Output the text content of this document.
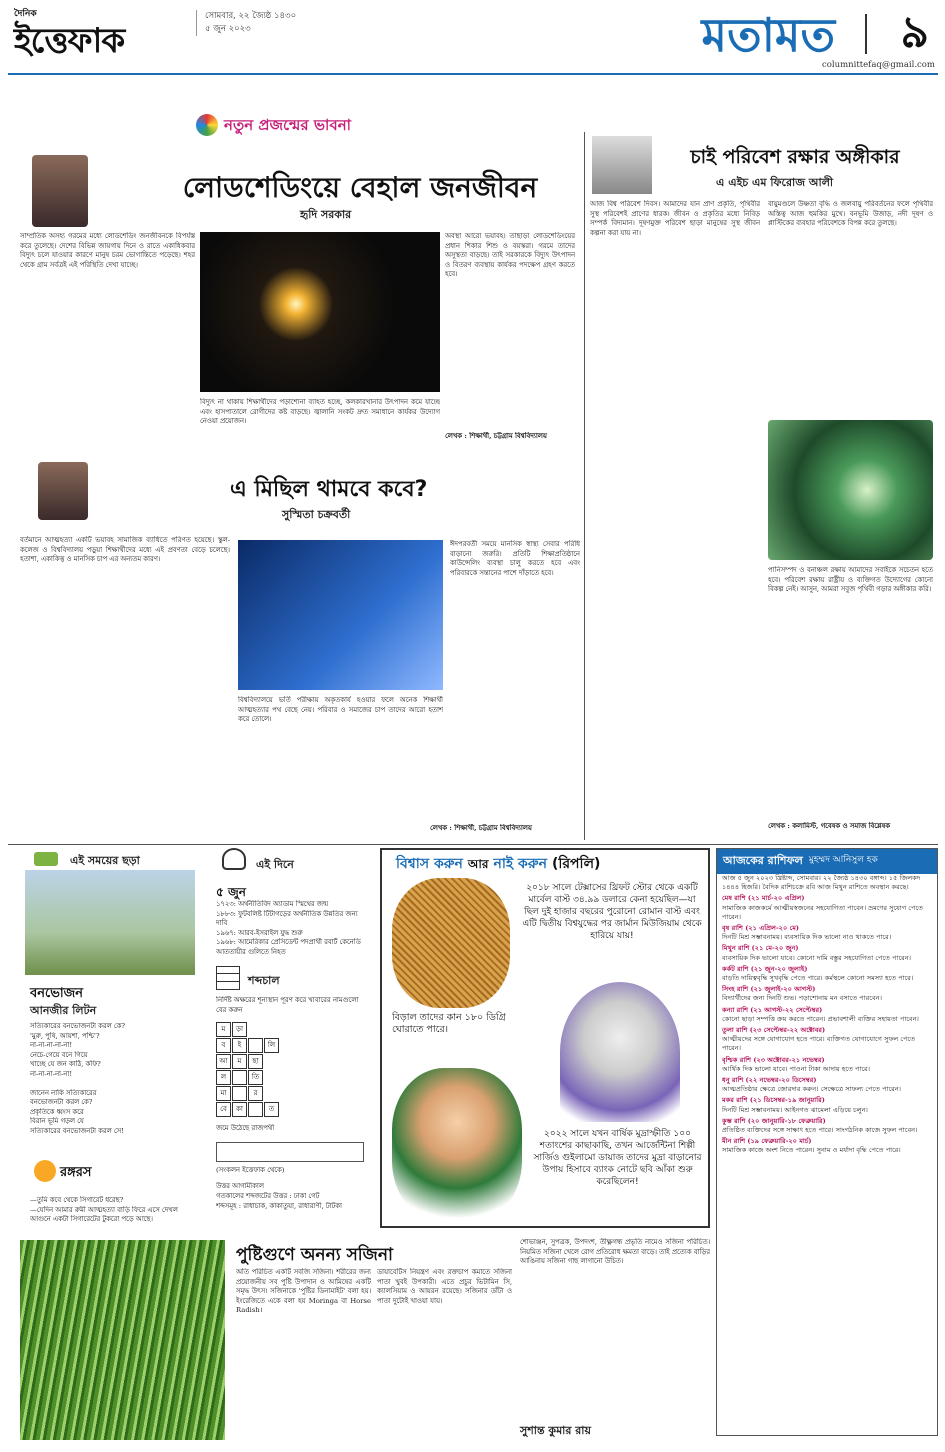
দৈনিক
ইত্তেফাক
সোমবার, ২২ জ্যৈষ্ঠ ১৪৩০
৫ জুন ২০২৩	মতামত ৯
columnittefaq@gmail.com
নতুন প্রজন্মের ভাবনা
লোডশেডিংয়ে বেহাল জনজীবন
হৃদি সরকার
সাম্প্রতিক অসহ্য গরমের মধ্যে লোডশেডিং জনজীবনকে বিপর্যস্ত করে তুলেছে। দেশের বিভিন্ন জায়গায় দিনে ও রাতে একাধিকবার বিদ্যুৎ চলে যাওয়ার কারণে মানুষ চরম ভোগান্তিতে পড়েছে। শহর থেকে গ্রাম সর্বত্রই এই পরিস্থিতি দেখা যাচ্ছে।
বিদ্যুৎ না থাকায় শিক্ষার্থীদের পড়াশোনা ব্যাহত হচ্ছে, কলকারখানার উৎপাদন কমে যাচ্ছে এবং হাসপাতালে রোগীদের কষ্ট বাড়ছে। জ্বালানি সংকট দ্রুত সমাধানে কার্যকর উদ্যোগ নেওয়া প্রয়োজন।
অবস্থা আরো ভয়াবহ। তাছাড়া লোডশেডিংয়ের প্রধান শিকার শিশু ও বয়স্করা। গরমে তাদের অসুস্থতা বাড়ছে। তাই সরকারকে বিদ্যুৎ উৎপাদন ও বিতরণ ব্যবস্থায় কার্যকর পদক্ষেপ গ্রহণ করতে হবে।
লেখক : শিক্ষার্থী, চট্টগ্রাম বিশ্ববিদ্যালয়
চাই পরিবেশ রক্ষার অঙ্গীকার
এ এইচ এম ফিরোজ আলী
আজ বিশ্ব পরিবেশ দিবস। আমাদের যান প্রাণ প্রকৃতি, পৃথিবীর সুস্থ পরিবেশই প্রাণের ধারক। জীবন ও প্রকৃতির মধ্যে নিবিড় সম্পর্ক বিদ্যমান। দূষণমুক্ত পরিবেশ ছাড়া মানুষের সুস্থ জীবন কল্পনা করা যায় না।
বায়ুমণ্ডলে উষ্ণতা বৃদ্ধি ও জলবায়ু পরিবর্তনের ফলে পৃথিবীর অস্তিত্ব আজ হুমকির মুখে। বনভূমি উজাড়, নদী দূষণ ও প্লাস্টিকের ব্যবহার পরিবেশকে বিপন্ন করে তুলছে।
পানিসম্পদ ও বনাঞ্চল রক্ষায় আমাদের সবাইকে সচেতন হতে হবে। পরিবেশ রক্ষায় রাষ্ট্রীয় ও ব্যক্তিগত উদ্যোগের কোনো বিকল্প নেই। আসুন, আমরা সবুজ পৃথিবী গড়ার অঙ্গীকার করি।
লেখক : কলামিস্ট, গবেষক ও সমাজ বিশ্লেষক
এ মিছিল থামবে কবে?
সুস্মিতা চক্রবর্তী
বর্তমানে আত্মহত্যা একটি ভয়াবহ সামাজিক ব্যাধিতে পরিণত হয়েছে। স্কুল-কলেজ ও বিশ্ববিদ্যালয় পড়ুয়া শিক্ষার্থীদের মধ্যে এই প্রবণতা বেড়ে চলেছে। হতাশা, একাকিত্ব ও মানসিক চাপ এর অন্যতম কারণ।
বিশ্ববিদ্যালয়ে ভর্তি পরীক্ষায় অকৃতকার্য হওয়ার ফলে অনেক শিক্ষার্থী আত্মহত্যার পথ বেছে নেয়। পরিবার ও সমাজের চাপ তাদের আরো হতাশ করে তোলে।
ঈদপরবর্তী সময়ে মানসিক স্বাস্থ্য সেবার পরিধি বাড়ানো জরুরি। প্রতিটি শিক্ষাপ্রতিষ্ঠানে কাউন্সেলিং ব্যবস্থা চালু করতে হবে এবং পরিবারকে সন্তানের পাশে দাঁড়াতে হবে।
লেখক : শিক্ষার্থী, চট্টগ্রাম বিশ্ববিদ্যালয়
এই সময়ের ছড়া
বনভোজন
আনজীর লিটন
সত্যিকারের বনভোজনটা করল কে?
'মুরু, পুষি, আয়শা, পশ্চি'?
না-না-না-না-না!
নেচে-গেয়ে বনে গিয়ে
খাচ্ছে যে জন কাঠি, কফি?
না-না-না-না-না!
জানেন নাকি সত্যিকারের
বনভোজনটা করল কে?
প্রকৃতিকে ধ্বংস করে
বিরান ভূমি গড়ল যে
সত্যিকারের বনভোজনটা করল সে!
রঙ্গরস
—তুমি কবে থেকে সিগারেট ধরেছ?
—যেদিন আমার রুমী আত্মহত্যা বাড়ি ফিরে এসে দেখল
আগুনে একটা সিগারেটের টুকরো পড়ে আছে।
এই দিনে
৫ জুন
১৭২৩: অর্থনীতিবিদ অ্যাডাম স্মিথের জন্ম
১৮৮৩: ফুটবলিষ্ট টিটাগড়ের অর্থনীতিক উন্নতির জন্য দাবি
১৯৬৭: আরব-ইসরাইল যুদ্ধ শুরু
১৯৬৮: আমেরিকার প্রেসিডেন্ট পদপ্রার্থী রবার্ট কেনেডি আততায়ীর গুলিতে নিহত
শব্দচাল
নির্দিষ্ট অক্ষরের শূন্যস্থান পূরণ করে খাবারের নামগুলো বের করুন
ম	ড়া
ব	ই	লি
আ	ম	ছা
ল	তি
মা	র
বে	কা	ত
জমে উঠেছে রাজপথী
(সংকলন ইত্তেফাক থেকে)
উত্তর আগামীকাল
গতকালের শব্দজটের উত্তর : ঢাকা গেট
শব্দসমূহ : রাধাচাক, কাকাতুয়া, রাধারাণী, টাটকা
বিশ্বাস করুন আর নাই করুন (রিপলি)
২০১৮ সালে টেক্সাসের থ্রিফট স্টোর থেকে একটি মার্বেল বাস্ট ৩৪.৯৯ ডলারে কেনা হয়েছিল—যা ছিল দুই হাজার বছরের পুরোনো রোমান বাস্ট এবং এটি দ্বিতীয় বিশ্বযুদ্ধের পর জার্মান মিউজিয়াম থেকে হারিয়ে যায়!
বিড়াল তাদের কান ১৮০ ডিগ্রি ঘোরাতে পারে।
২০২২ সালে যখন বার্ষিক মুদ্রাস্ফীতি ১০০ শতাংশের কাছাকাছি, তখন আর্জেন্টিনা শিল্পী সার্জিও গুইলামো ডায়াজ তাদের মুদ্রা বাড়ানোর উপায় হিসাবে ব্যাংক নোটে ছবি আঁকা শুরু করেছিলেন!
আজকের রাশিফল মুহম্মদ আনিসুল হক
আজ ৫ জুন ২০২৩ খ্রিষ্টাব্দ, সোমবার। ২২ জ্যৈষ্ঠ ১৪৩০ বঙ্গাব্দ। ১৫ জিলকদ ১৪৪৪ হিজরি। বৈদিক রাশিচক্রে রবি আজ মিথুন রাশিতে অবস্থান করছে।
মেষ রাশি (২১ মার্চ-২০ এপ্রিল)
সামাজিক কাজকর্মে আত্মীয়স্বজনের সহযোগিতা পাবেন। ভ্রমণের সুযোগ পেতে পারেন।
বৃষ রাশি (২১ এপ্রিল-২০ মে)
দিনটি মিশ্র সম্ভাবনাময়। ব্যবসায়িক দিক ভালো নাও থাকতে পারে।
মিথুন রাশি (২১ মে-২০ জুন)
ব্যবসায়িক দিক ভালো যাবে। কোনো দামি বস্তুর সহযোগিতা পেতে পারেন।
কর্কট রাশি (২১ জুন-২০ জুলাই)
বাড়তি দায়িত্ববৃদ্ধি সুখবৃদ্ধি পেতে পারে। কর্মস্থলে কোনো সমস্যা হতে পারে।
সিংহ রাশি (২১ জুলাই-২০ আগস্ট)
বিদ্যার্থীদের জন্য দিনটি শুভ। পড়াশোনায় মন বসাতে পারবেন।
কন্যা রাশি (২১ আগস্ট-২২ সেপ্টেম্বর)
কোনো ছাড়া সম্পত্তি ক্রয় করতে পারেন। প্রভাবশালী ব্যক্তির সহায়তা পাবেন।
তুলা রাশি (২৩ সেপ্টেম্বর-২২ অক্টোবর)
আত্মীয়দের সঙ্গে যোগাযোগ হতে পারে। ব্যক্তিগত যোগাযোগে সুফল পেতে পারেন।
বৃশ্চিক রাশি (২৩ অক্টোবর-২১ নভেম্বর)
আর্থিক দিক ভালো যাবে। পাওনা টাকা আদায় হতে পারে।
ধনু রাশি (২২ নভেম্বর-২০ ডিসেম্বর)
আত্মপ্রতিষ্ঠার ক্ষেত্রে জোরদার করুন। সেক্ষেত্রে সাফল্য পেতে পারেন।
মকর রাশি (২১ ডিসেম্বর-১৯ জানুয়ারি)
দিনটি মিশ্র সম্ভাবনাময়। আইনগত ঝামেলা এড়িয়ে চলুন।
কুম্ভ রাশি (২০ জানুয়ারি-১৮ ফেব্রুয়ারি)
প্রতিষ্ঠিত ব্যক্তিদের সঙ্গে সাক্ষাৎ হতে পারে। সাংগঠনিক কাজে সুফল পাবেন।
মীন রাশি (১৯ ফেব্রুয়ারি-২০ মার্চ)
সামাজিক কাজে অংশ নিতে পারেন। সুনাম ও মর্যাদা বৃদ্ধি পেতে পারে।
পুষ্টিগুণে অনন্য সজিনা
অতি পরিচিত একটি সবজি সজিনা। শরীরের জন্য প্রয়োজনীয় সব পুষ্টি উপাদান ও আমিষের একটি সমৃদ্ধ উৎস। সজিনাকে 'পুষ্টির ডিনামাইট' বলা হয়। ইংরেজিতে একে বলা হয় Moringa বা Horse Radish।
ডায়াবেটিস নিয়ন্ত্রণ এবং রক্তচাপ কমাতে সজিনা পাতা খুবই উপকারী। এতে প্রচুর ভিটামিন সি, ক্যালসিয়াম ও আয়রন রয়েছে। সজিনার ডাঁটা ও পাতা দুটোই খাওয়া যায়।
শোভাঞ্জন, সুপত্রক, উপদংশ, তীক্ষ্ণগন্ধ প্রভৃতি নামেও সজিনা পরিচিত। নিয়মিত সজিনা খেলে রোগ প্রতিরোধ ক্ষমতা বাড়ে। তাই প্রত্যেক বাড়ির আঙিনায় সজিনা গাছ লাগানো উচিত।
সুশান্ত কুমার রায়
